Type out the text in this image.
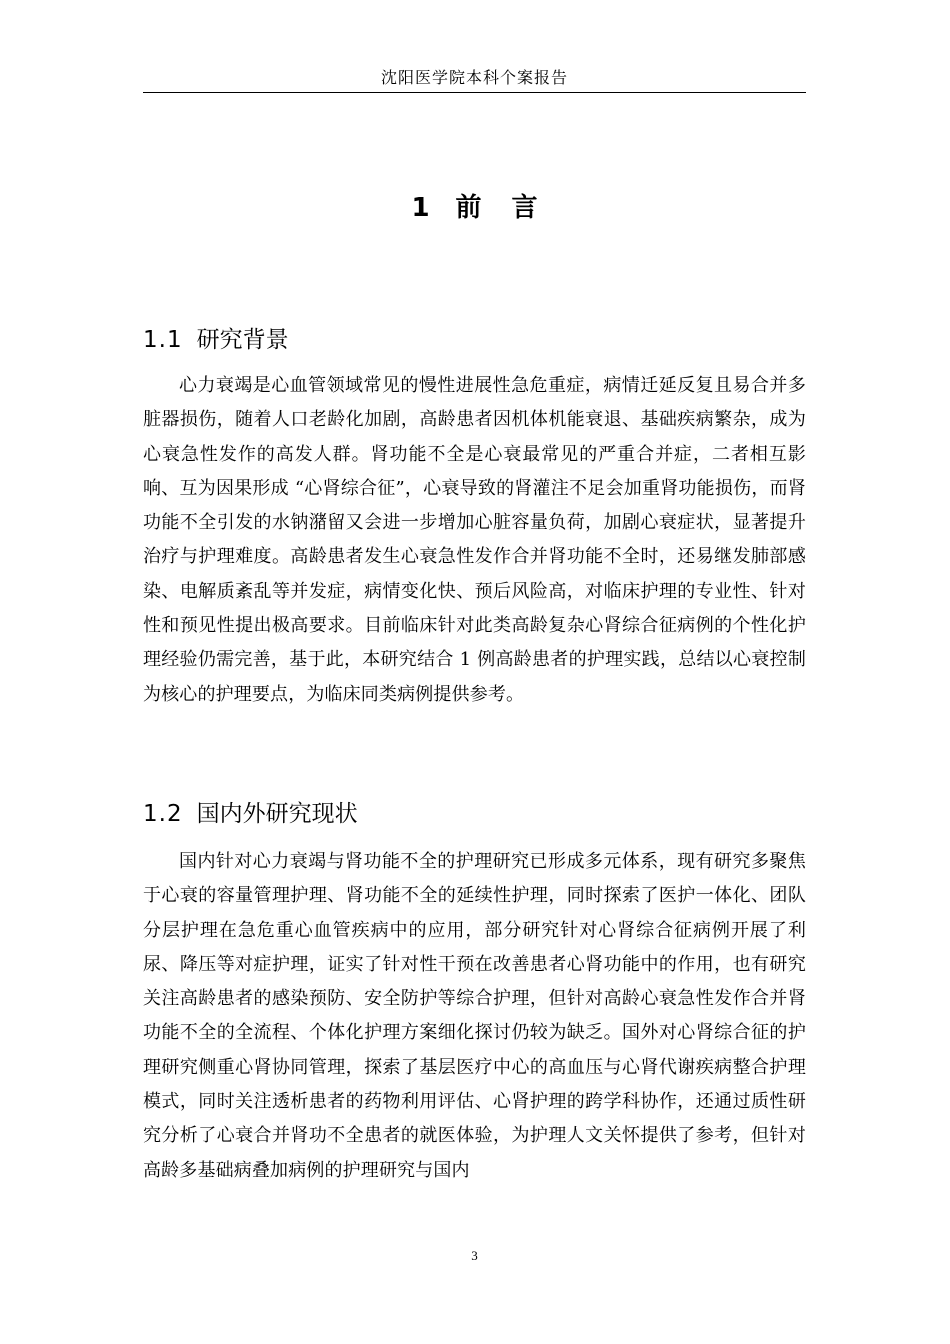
沈阳医学院本科个案报告
1 前 言
1.1 研究背景

心力衰竭是心血管领域常见的慢性进展性急危重症，病情迁延反复且易合并多脏器损伤，随着人口老龄化加剧，高龄患者因机体机能衰退、基础疾病繁杂，成为心衰急性发作的高发人群。肾功能不全是心衰最常见的严重合并症，二者相互影响、互为因果形成 “心肾综合征”，心衰导致的肾灌注不足会加重肾功能损伤，而肾功能不全引发的水钠潴留又会进一步增加心脏容量负荷，加剧心衰症状，显著提升治疗与护理难度。高龄患者发生心衰急性发作合并肾功能不全时，还易继发肺部感染、电解质紊乱等并发症，病情变化快、预后风险高，对临床护理的专业性、针对性和预见性提出极高要求。目前临床针对此类高龄复杂心肾综合征病例的个性化护理经验仍需完善，基于此，本研究结合 1 例高龄患者的护理实践，总结以心衰控制为核心的护理要点，为临床同类病例提供参考。

1.2 国内外研究现状

国内针对心力衰竭与肾功能不全的护理研究已形成多元体系，现有研究多聚焦于心衰的容量管理护理、肾功能不全的延续性护理，同时探索了医护一体化、团队分层护理在急危重心血管疾病中的应用，部分研究针对心肾综合征病例开展了利尿、降压等对症护理，证实了针对性干预在改善患者心肾功能中的作用，也有研究关注高龄患者的感染预防、安全防护等综合护理，但针对高龄心衰急性发作合并肾功能不全的全流程、个体化护理方案细化探讨仍较为缺乏。国外对心肾综合征的护理研究侧重心肾协同管理，探索了基层医疗中心的高血压与心肾代谢疾病整合护理模式，同时关注透析患者的药物利用评估、心肾护理的跨学科协作，还通过质性研究分析了心衰合并肾功不全患者的就医体验，为护理人文关怀提供了参考，但针对高龄多基础病叠加病例的护理研究与国内

3
